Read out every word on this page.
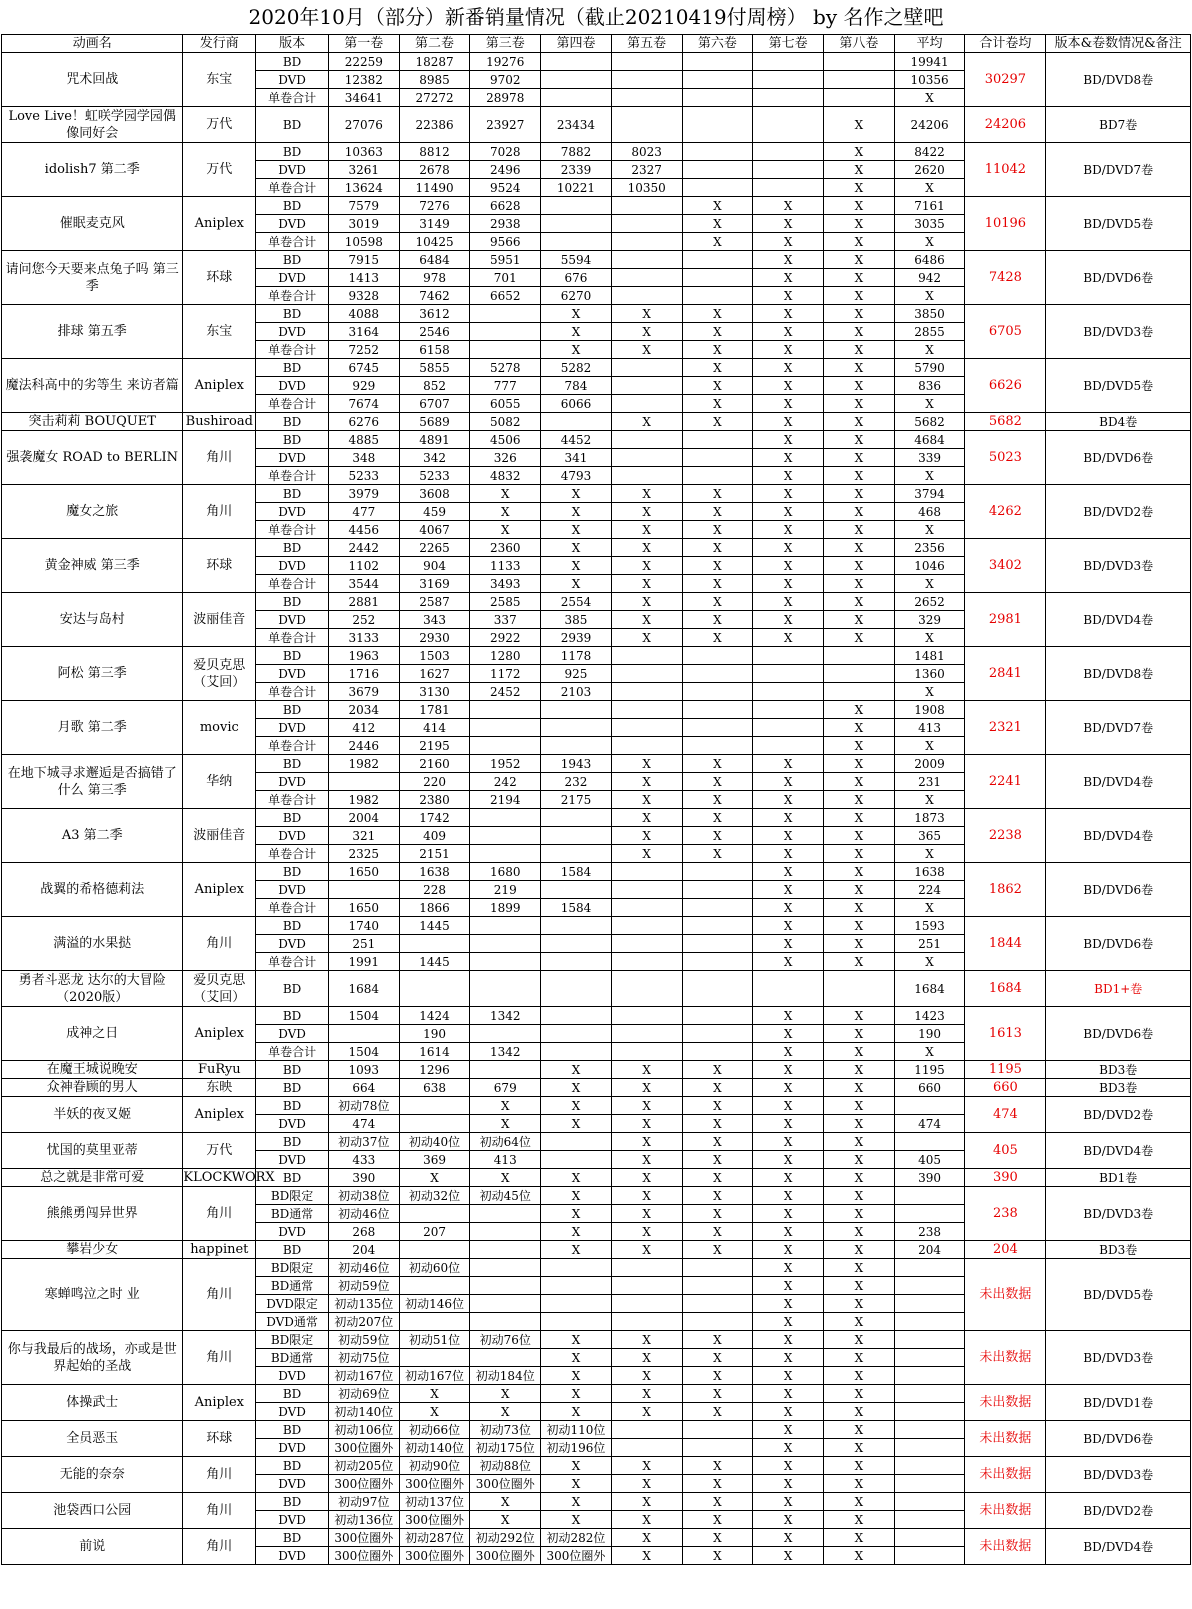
2020年10月（部分）新番销量情况（截止20210419付周榜） by 名作之壁吧
动画名	发行商	版本	第一卷	第二卷	第三卷	第四卷	第五卷	第六卷	第七卷	第八卷	平均	合计卷均	版本&卷数情况&备注
咒术回战	东宝	BD	22259	18287	19276						19941	30297	BD/DVD8卷
		DVD	12382	8985	9702						10356		
		单卷合计	34641	27272	28978						X		
Love Live！虹咲学园学园偶像同好会	万代	BD	27076	22386	23927	23434				X	24206	24206	BD7卷
idolish7 第二季	万代	BD	10363	8812	7028	7882	8023			X	8422	11042	BD/DVD7卷
		DVD	3261	2678	2496	2339	2327			X	2620		
		单卷合计	13624	11490	9524	10221	10350			X	X		
催眠麦克风	Aniplex	BD	7579	7276	6628			X	X	X	7161	10196	BD/DVD5卷
		DVD	3019	3149	2938			X	X	X	3035		
		单卷合计	10598	10425	9566			X	X	X	X		
请问您今天要来点兔子吗 第三季	环球	BD	7915	6484	5951	5594			X	X	6486	7428	BD/DVD6卷
		DVD	1413	978	701	676			X	X	942		
		单卷合计	9328	7462	6652	6270			X	X	X		
排球 第五季	东宝	BD	4088	3612		X	X	X	X	X	3850	6705	BD/DVD3卷
		DVD	3164	2546		X	X	X	X	X	2855		
		单卷合计	7252	6158		X	X	X	X	X	X		
魔法科高中的劣等生 来访者篇	Aniplex	BD	6745	5855	5278	5282		X	X	X	5790	6626	BD/DVD5卷
		DVD	929	852	777	784		X	X	X	836		
		单卷合计	7674	6707	6055	6066		X	X	X	X		
突击莉莉 BOUQUET	Bushiroad	BD	6276	5689	5082		X	X	X	X	5682	5682	BD4卷
强袭魔女 ROAD to BERLIN	角川	BD	4885	4891	4506	4452			X	X	4684	5023	BD/DVD6卷
		DVD	348	342	326	341			X	X	339		
		单卷合计	5233	5233	4832	4793			X	X	X		
魔女之旅	角川	BD	3979	3608	X	X	X	X	X	X	3794	4262	BD/DVD2卷
		DVD	477	459	X	X	X	X	X	X	468		
		单卷合计	4456	4067	X	X	X	X	X	X	X		
黄金神威 第三季	环球	BD	2442	2265	2360	X	X	X	X	X	2356	3402	BD/DVD3卷
		DVD	1102	904	1133	X	X	X	X	X	1046		
		单卷合计	3544	3169	3493	X	X	X	X	X	X		
安达与岛村	波丽佳音	BD	2881	2587	2585	2554	X	X	X	X	2652	2981	BD/DVD4卷
		DVD	252	343	337	385	X	X	X	X	329		
		单卷合计	3133	2930	2922	2939	X	X	X	X	X		
阿松 第三季	爱贝克思（艾回）	BD	1963	1503	1280	1178					1481	2841	BD/DVD8卷
		DVD	1716	1627	1172	925					1360		
		单卷合计	3679	3130	2452	2103					X		
月歌 第二季	movic	BD	2034	1781						X	1908	2321	BD/DVD7卷
		DVD	412	414						X	413		
		单卷合计	2446	2195						X	X		
在地下城寻求邂逅是否搞错了什么 第三季	华纳	BD	1982	2160	1952	1943	X	X	X	X	2009	2241	BD/DVD4卷
		DVD		220	242	232	X	X	X	X	231		
		单卷合计	1982	2380	2194	2175	X	X	X	X	X		
A3 第二季	波丽佳音	BD	2004	1742			X	X	X	X	1873	2238	BD/DVD4卷
		DVD	321	409			X	X	X	X	365		
		单卷合计	2325	2151			X	X	X	X	X		
战翼的希格德莉法	Aniplex	BD	1650	1638	1680	1584			X	X	1638	1862	BD/DVD6卷
		DVD		228	219				X	X	224		
		单卷合计	1650	1866	1899	1584			X	X	X		
满溢的水果挞	角川	BD	1740	1445					X	X	1593	1844	BD/DVD6卷
		DVD	251						X	X	251		
		单卷合计	1991	1445					X	X	X		
勇者斗恶龙 达尔的大冒险（2020版）	爱贝克思（艾回）	BD	1684								1684	1684	BD1+卷
成神之日	Aniplex	BD	1504	1424	1342				X	X	1423	1613	BD/DVD6卷
		DVD		190					X	X	190		
		单卷合计	1504	1614	1342				X	X	X		
在魔王城说晚安	FuRyu	BD	1093	1296		X	X	X	X	X	1195	1195	BD3卷
众神眷顾的男人	东映	BD	664	638	679	X	X	X	X	X	660	660	BD3卷
半妖的夜叉姬	Aniplex	BD	初动78位		X	X	X	X	X	X		474	BD/DVD2卷
		DVD	474		X	X	X	X	X	X	474		
忧国的莫里亚蒂	万代	BD	初动37位	初动40位	初动64位		X	X	X	X		405	BD/DVD4卷
		DVD	433	369	413		X	X	X	X	405		
总之就是非常可爱	KLOCKWORX	BD	390	X	X	X	X	X	X	X	390	390	BD1卷
熊熊勇闯异世界	角川	BD限定	初动38位	初动32位	初动45位	X	X	X	X	X		238	BD/DVD3卷
		BD通常	初动46位			X	X	X	X	X			
		DVD	268	207		X	X	X	X	X	238		
攀岩少女	happinet	BD	204			X	X	X	X	X	204	204	BD3卷
寒蝉鸣泣之时 业	角川	BD限定	初动46位	初动60位					X	X		未出数据	BD/DVD5卷
		BD通常	初动59位						X	X			
		DVD限定	初动135位	初动146位					X	X			
		DVD通常	初动207位						X	X			
你与我最后的战场，亦或是世界起始的圣战	角川	BD限定	初动59位	初动51位	初动76位	X	X	X	X	X		未出数据	BD/DVD3卷
		BD通常	初动75位			X	X	X	X	X			
		DVD	初动167位	初动167位	初动184位	X	X	X	X	X			
体操武士	Aniplex	BD	初动69位	X	X	X	X	X	X	X		未出数据	BD/DVD1卷
		DVD	初动140位	X	X	X	X	X	X	X			
全员恶玉	环球	BD	初动106位	初动66位	初动73位	初动110位			X	X		未出数据	BD/DVD6卷
		DVD	300位圈外	初动140位	初动175位	初动196位			X	X			
无能的奈奈	角川	BD	初动205位	初动90位	初动88位	X	X	X	X	X		未出数据	BD/DVD3卷
		DVD	300位圈外	300位圈外	300位圈外	X	X	X	X	X			
池袋西口公园	角川	BD	初动97位	初动137位	X	X	X	X	X	X		未出数据	BD/DVD2卷
		DVD	初动136位	300位圈外	X	X	X	X	X	X			
前说	角川	BD	300位圈外	初动287位	初动292位	初动282位	X	X	X	X		未出数据	BD/DVD4卷
		DVD	300位圈外	300位圈外	300位圈外	300位圈外	X	X	X	X			
